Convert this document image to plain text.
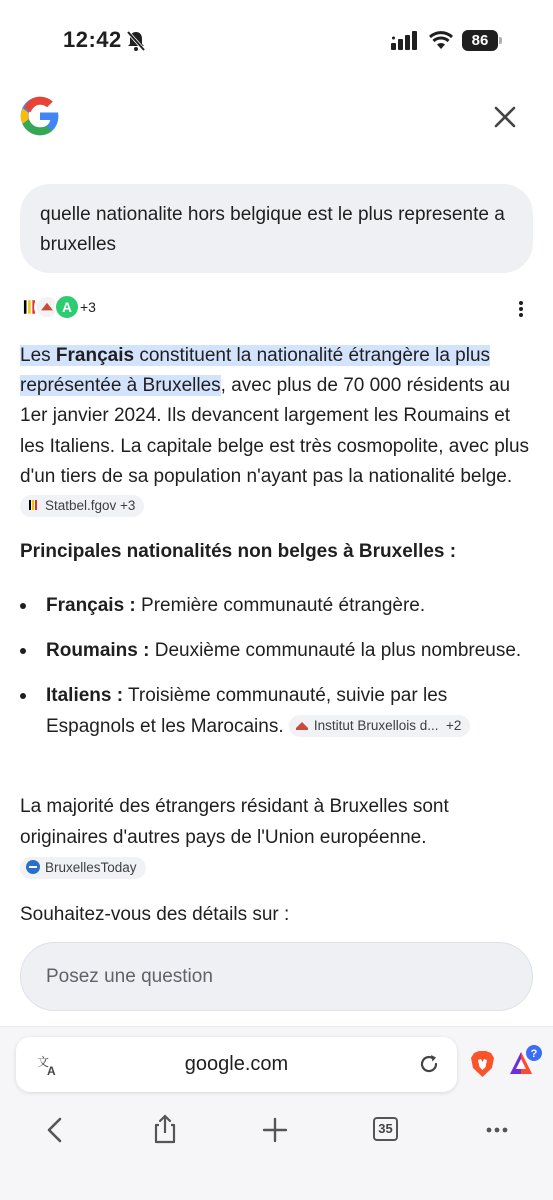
12:42	86
quelle nationalite hors belgique est le plus represente a bruxelles
A +3
Les Français constituent la nationalité étrangère la plus représentée à Bruxelles, avec plus de 70 000 résidents au 1er janvier 2024. Ils devancent largement les Roumains et les Italiens. La capitale belge est très cosmopolite, avec plus d'un tiers de sa population n'ayant pas la nationalité belge. Statbel.fgov +3
Principales nationalités non belges à Bruxelles :
Français : Première communauté étrangère.
Roumains : Deuxième communauté la plus nombreuse.
Italiens : Troisième communauté, suivie par les Espagnols et les Marocains. Institut Bruxellois d... +2
La majorité des étrangers résidant à Bruxelles sont originaires d'autres pays de l'Union européenne. BruxellesToday
Souhaitez-vous des détails sur :
Posez une question
文
A	google.com	?
35
